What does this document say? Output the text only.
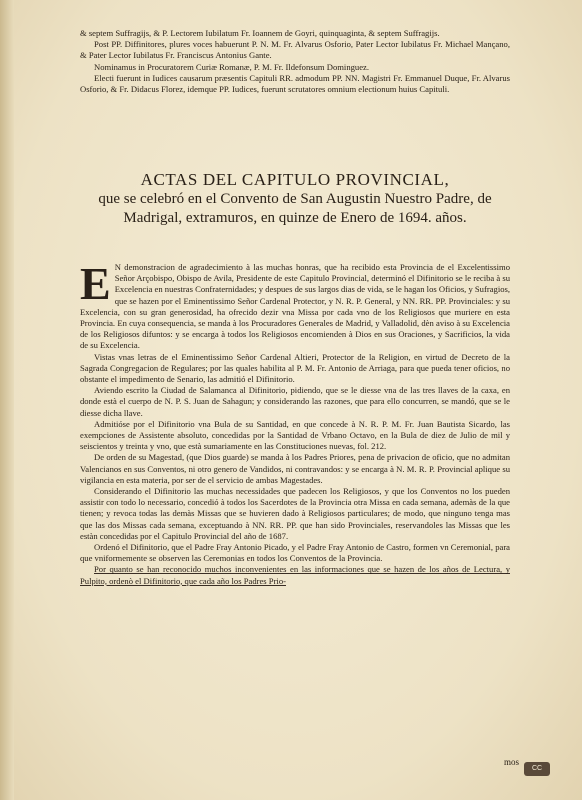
& septem Suffragijs, & P. Lectorem Iubilatum Fr. Ioannem de Goyri, quinquaginta, & septem Suffragijs.

Post PP. Diffinitores, plures voces habuerunt P. N. M. Fr. Alvarus Osforio, Pater Lector Iubilatus Fr. Michael Mançano, & Pater Lector Iubilatus Fr. Franciscus Antonius Gante.

Nominamus in Procuratorem Curiæ Romanæ, P. M. Fr. Ildefonsum Dominguez.

Electi fuerunt in Iudices causarum præsentis Capituli RR. admodum PP. NN. Magistri Fr. Emmanuel Duque, Fr. Alvarus Osforio, & Fr. Didacus Florez, idemque PP. Iudices, fuerunt scrutatores omnium electionum huius Capituli.

ACTAS DEL CAPITULO PROVINCIAL,

que se celebró en el Convento de San Augustin Nuestro Padre, de Madrigal, extramuros, en quinze de Enero de 1694. años.

E N demonstracion de agradecimiento à las muchas honras, que ha recibido esta Provincia de el Excelentissimo Señor Arçobispo, Obispo de Avila, Presidente de este Capitulo Provincial, determinó el Difinitorio se le reciba à su Excelencia en nuestras Confraternidades; y despues de sus largos dias de vida, se le hagan los Oficios, y Sufragios, que se hazen por el Eminentissimo Señor Cardenal Protector, y N. R. P. General, y NN. RR. PP. Provinciales: y su Excelencia, con su gran generosidad, ha ofrecido dezir vna Missa por cada vno de los Religiosos que muriere en esta Provincia. En cuya consequencia, se manda à los Procuradores Generales de Madrid, y Valladolid, dèn aviso à su Excelencia de los Religiosos difuntos: y se encarga à todos los Religiosos encomienden à Dios en sus Oraciones, y Sacrificios, la vida de su Excelencia.

Vistas vnas letras de el Eminentissimo Señor Cardenal Altieri, Protector de la Religion, en virtud de Decreto de la Sagrada Congregacion de Regulares; por las quales habilita al P. M. Fr. Antonio de Arriaga, para que pueda tener oficios, no obstante el impedimento de Senario, las admitió el Difinitorio.

Aviendo escrito la Ciudad de Salamanca al Difinitorio, pidiendo, que se le diesse vna de las tres llaves de la caxa, en donde està el cuerpo de N. P. S. Juan de Sahagun; y considerando las razones, que para ello concurren, se mandó, que se le diesse dicha llave.

Admitióse por el Difinitorio vna Bula de su Santidad, en que concede à N. R. P. M. Fr. Juan Bautista Sicardo, las exempciones de Assistente absoluto, concedidas por la Santidad de Vrbano Octavo, en la Bula de diez de Julio de mil y seiscientos y treinta y vno, que està sumariamente en las Constituciones nuevas, fol. 212.

De orden de su Magestad, (que Dios guarde) se manda à los Padres Priores, pena de privacion de oficio, que no admitan Valencianos en sus Conventos, ni otro genero de Vandidos, ni contravandos: y se encarga à N. M. R. P. Provincial aplique su vigilancia en esta materia, por ser de el servicio de ambas Magestades.

Considerando el Difinitorio las muchas necessidades que padecen los Religiosos, y que los Conventos no los pueden assistir con todo lo necessario, concedió à todos los Sacerdotes de la Provincia otra Missa en cada semana, ademàs de la que tienen; y revoca todas las demàs Missas que se huvieren dado à Religiosos particulares; de modo, que ninguno tenga mas que las dos Missas cada semana, exceptuando à NN. RR. PP. que han sido Provinciales, reservandoles las Missas que les estàn concedidas por el Capitulo Provincial del año de 1687.

Ordenó el Difinitorio, que el Padre Fray Antonio Picado, y el Padre Fray Antonio de Castro, formen vn Ceremonial, para que vniformemente se observen las Ceremonias en todos los Conventos de la Provincia.

Por quanto se han reconocido muchos inconvenientes en las informaciones que se hazen de los años de Lectura, y Pulpito, ordenò el Difinitorio, que cada año los Padres Prio-

mos
CC
